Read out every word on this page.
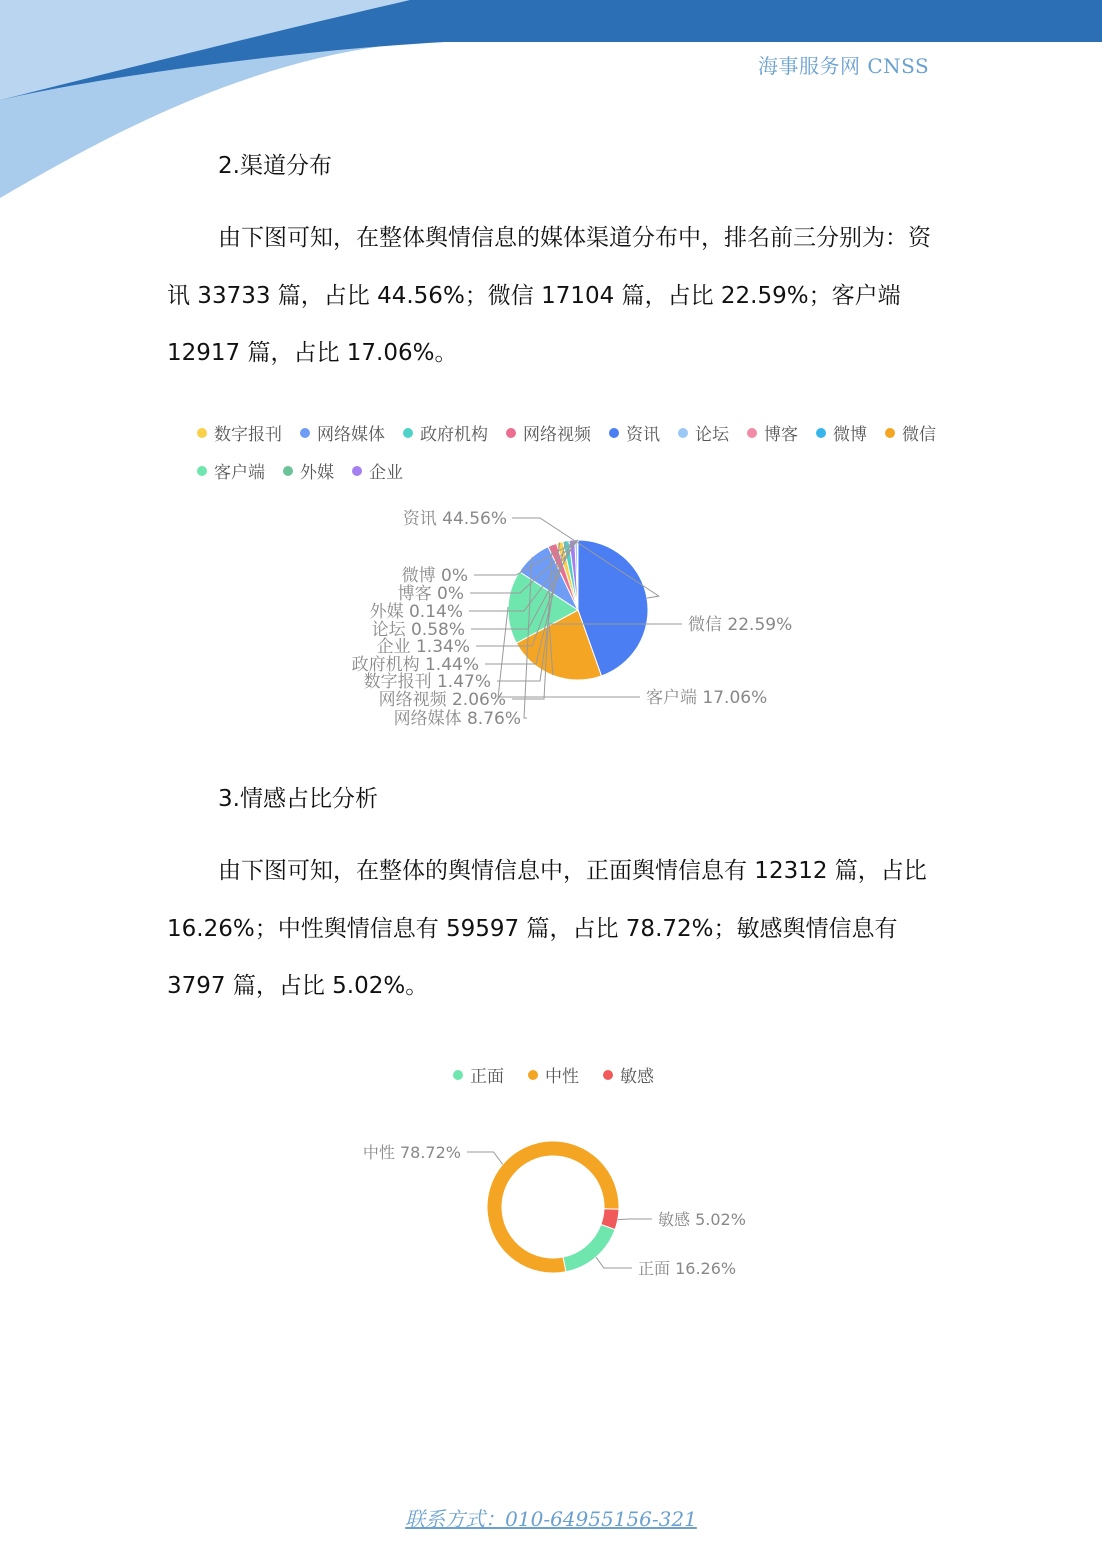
海事服务网 CNSS
2.渠道分布

由下图可知，在整体舆情信息的媒体渠道分布中，排名前三分别为：资讯 33733 篇，占比 44.56%；微信 17104 篇，占比 22.59%；客户端 12917 篇，占比 17.06%。

数字报刊 网络媒体 政府机构 网络视频 资讯 论坛 博客 微博 微信
客户端 外媒 企业
资讯 44.56%
微信 22.59%
客户端 17.06%
网络媒体 8.76%
网络视频 2.06%
数字报刊 1.47%
政府机构 1.44%
企业 1.34%
论坛 0.58%
外媒 0.14%
博客 0%
微博 0%
3.情感占比分析

由下图可知，在整体的舆情信息中，正面舆情信息有 12312 篇，占比 16.26%；中性舆情信息有 59597 篇，占比 78.72%；敏感舆情信息有 3797 篇，占比 5.02%。

正面 中性 敏感
中性 78.72%
敏感 5.02%
正面 16.26%
联系方式：010-64955156-321
